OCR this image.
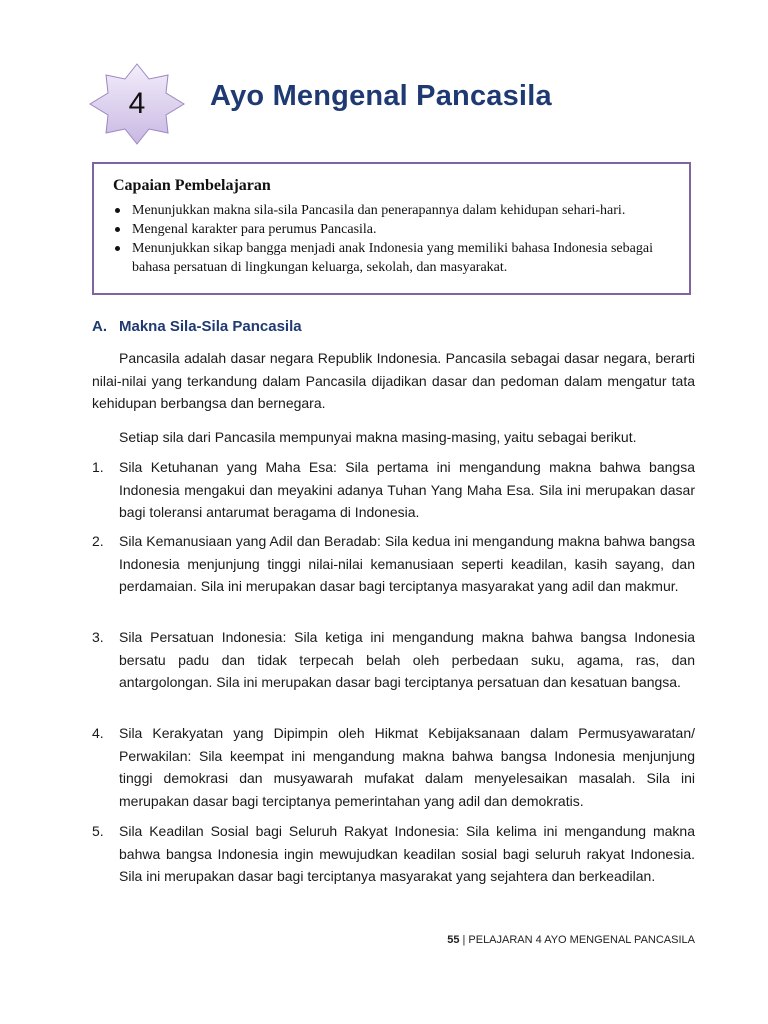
4	Ayo Mengenal Pancasila
Capaian Pembelajaran
Menunjukkan makna sila-sila Pancasila dan penerapannya dalam kehidupan sehari-hari.
Mengenal karakter para perumus Pancasila.
Menunjukkan sikap bangga menjadi anak Indonesia yang memiliki bahasa Indonesia sebagai bahasa persatuan di lingkungan keluarga, sekolah, dan masyarakat.
A. Makna Sila-Sila Pancasila

Pancasila adalah dasar negara Republik Indonesia. Pancasila sebagai dasar negara, berarti nilai-nilai yang terkandung dalam Pancasila dijadikan dasar dan pedoman dalam mengatur tata kehidupan berbangsa dan bernegara.

Setiap sila dari Pancasila mempunyai makna masing-masing, yaitu sebagai berikut.

1.	Sila Ketuhanan yang Maha Esa: Sila pertama ini mengandung makna bahwa bangsa Indonesia mengakui dan meyakini adanya Tuhan Yang Maha Esa. Sila ini merupakan dasar bagi toleransi antarumat beragama di Indonesia.
2.	Sila Kemanusiaan yang Adil dan Beradab: Sila kedua ini mengandung makna bahwa bangsa Indonesia menjunjung tinggi nilai-nilai kemanusiaan seperti keadilan, kasih sayang, dan perdamaian. Sila ini merupakan dasar bagi terciptanya masyarakat yang adil dan makmur.
3.	Sila Persatuan Indonesia: Sila ketiga ini mengandung makna bahwa bangsa Indonesia bersatu padu dan tidak terpecah belah oleh perbedaan suku, agama, ras, dan antargolongan. Sila ini merupakan dasar bagi terciptanya persatuan dan kesatuan bangsa.
4.	Sila Kerakyatan yang Dipimpin oleh Hikmat Kebijaksanaan dalam Permusyawaratan/ Perwakilan: Sila keempat ini mengandung makna bahwa bangsa Indonesia menjunjung tinggi demokrasi dan musyawarah mufakat dalam menyelesaikan masalah. Sila ini merupakan dasar bagi terciptanya pemerintahan yang adil dan demokratis.
5.	Sila Keadilan Sosial bagi Seluruh Rakyat Indonesia: Sila kelima ini mengandung makna bahwa bangsa Indonesia ingin mewujudkan keadilan sosial bagi seluruh rakyat Indonesia. Sila ini merupakan dasar bagi terciptanya masyarakat yang sejahtera dan berkeadilan.
55 | PELAJARAN 4 AYO MENGENAL PANCASILA
